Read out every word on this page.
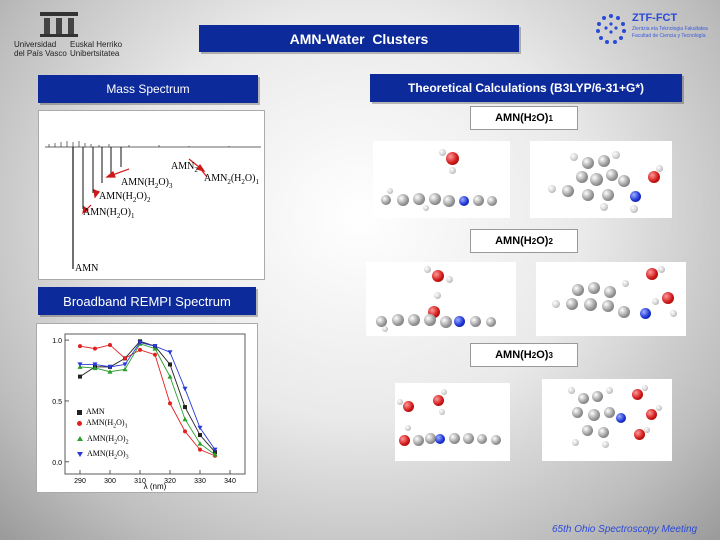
Universidad
del País Vasco
Euskal Herriko
Unibertsitatea
ZTF-FCT
Zientzia eta Teknologia Fakultatea
Facultad de Ciencia y Tecnología
AMN-Water  Clusters
Mass Spectrum	Theoretical Calculations (B3LYP/6-31+G*)
$AMN_2$
$AMN_2(H_2O)_1$
$AMN(H_2O)_3$
$AMN(H_2O)_2$
$AMN(H_2O)_1$
AMN
AMN(H 2 O) 1
AMN(H 2 O) 2
AMN(H 2 O) 3
Broadband REMPI Spectrum
0.0
0.5
1.0
290	300	310	320	330	340
λ (nm)
AMN
$AMN(H_2O)_1$
$AMN(H_2O)_2$
$AMN(H_2O)_3$
65th Ohio Spectroscopy Meeting
